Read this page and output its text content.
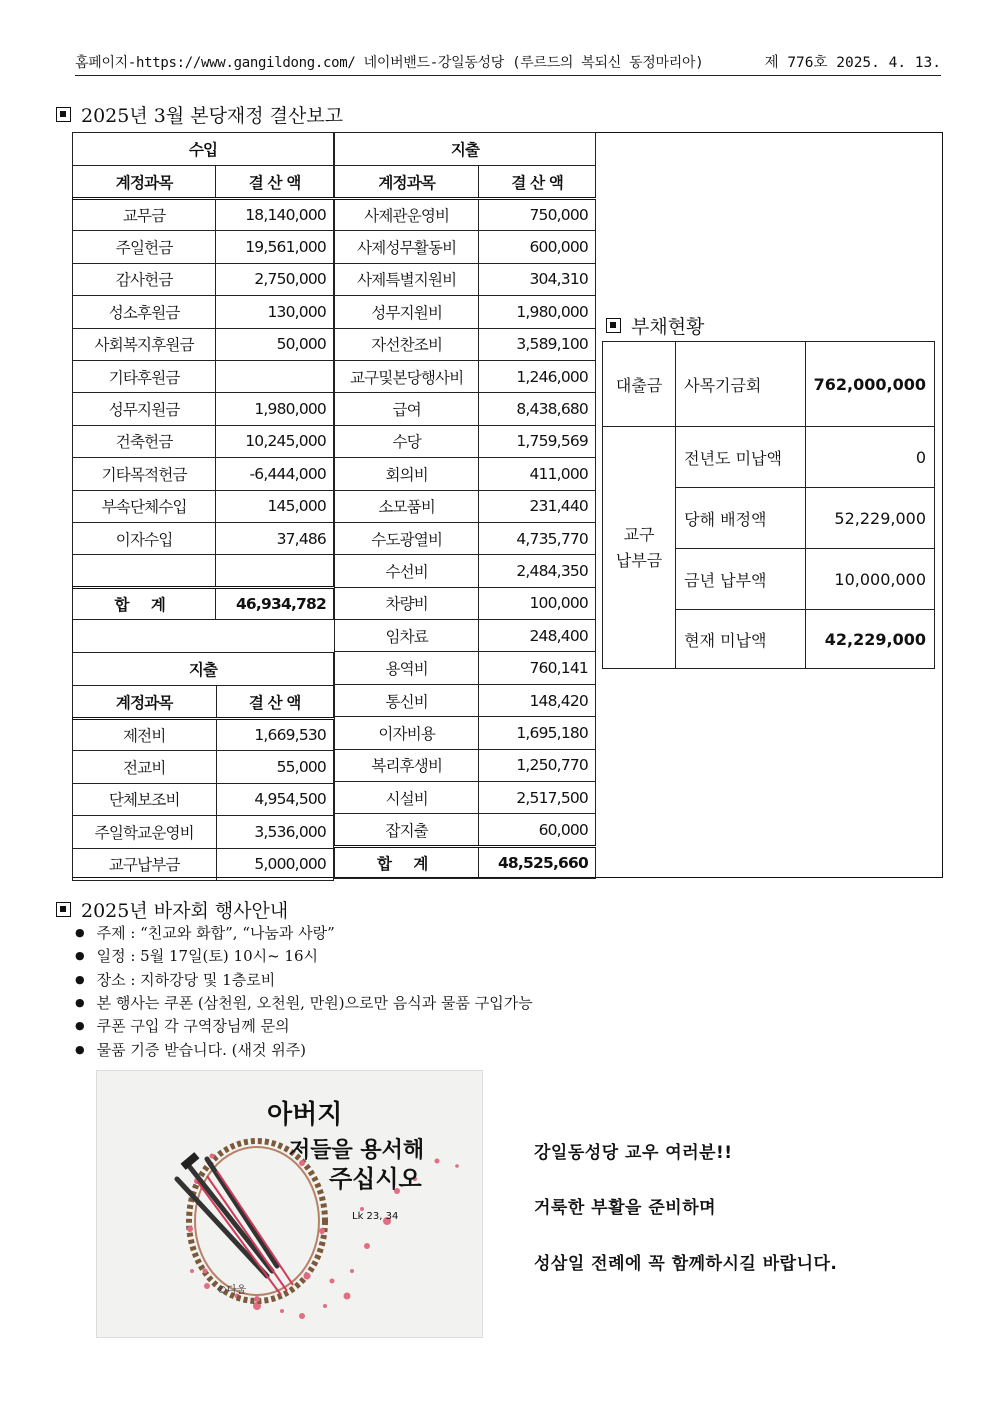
홈페이지-https://www.gangildong.com/ 네이버밴드-강일동성당 (루르드의 복되신 동정마리아)	제 776호 2025. 4. 13.
2025년 3월 본당재정 결산보고
수입	
계정과목	결 산 액
교무금	18,140,000
주일헌금	19,561,000
감사헌금	2,750,000
성소후원금	130,000
사회복지후원금	50,000
기타후원금	
성무지원금	1,980,000
건축헌금	10,245,000
기타목적헌금	-6,444,000
부속단체수입	145,000
이자수입	37,486

합 계	46,934,782
지출	
계정과목	결 산 액
제전비	1,669,530
전교비	55,000
단체보조비	4,954,500
주일학교운영비	3,536,000
교구납부금	5,000,000
지출	
계정과목	결 산 액
사제관운영비	750,000
사제성무활동비	600,000
사제특별지원비	304,310
성무지원비	1,980,000
자선찬조비	3,589,100
교구및본당행사비	1,246,000
급여	8,438,680
수당	1,759,569
회의비	411,000
소모품비	231,440
수도광열비	4,735,770
수선비	2,484,350
차량비	100,000
임차료	248,400
용역비	760,141
통신비	148,420
이자비용	1,695,180
복리후생비	1,250,770
시설비	2,517,500
잡지출	60,000
합 계	48,525,660
부채현황
대출금	사목기금회	762,000,000

교구
납부금	전년도 미납액	0
	당해 배정액	52,229,000
	금년 납부액	10,000,000
	현재 미납액	42,229,000
2025년 바자회 행사안내
● 주제 : “친교와 화합”, “나눔과 사랑”
● 일정 : 5월 17일(토) 10시~ 16시
● 장소 : 지하강당 및 1층로비
● 본 행사는 쿠폰 (삼천원, 오천원, 만원)으로만 음식과 물품 구입가능
● 쿠폰 구입 각 구역장님께 문의
● 물품 기증 받습니다. (새것 위주)
아버지
저들을 용서해
주십시오
Lk 23, 34
©다울
강일동성당 교우 여러분!!
거룩한 부활을 준비하며
성삼일 전례에 꼭 함께하시길 바랍니다.
